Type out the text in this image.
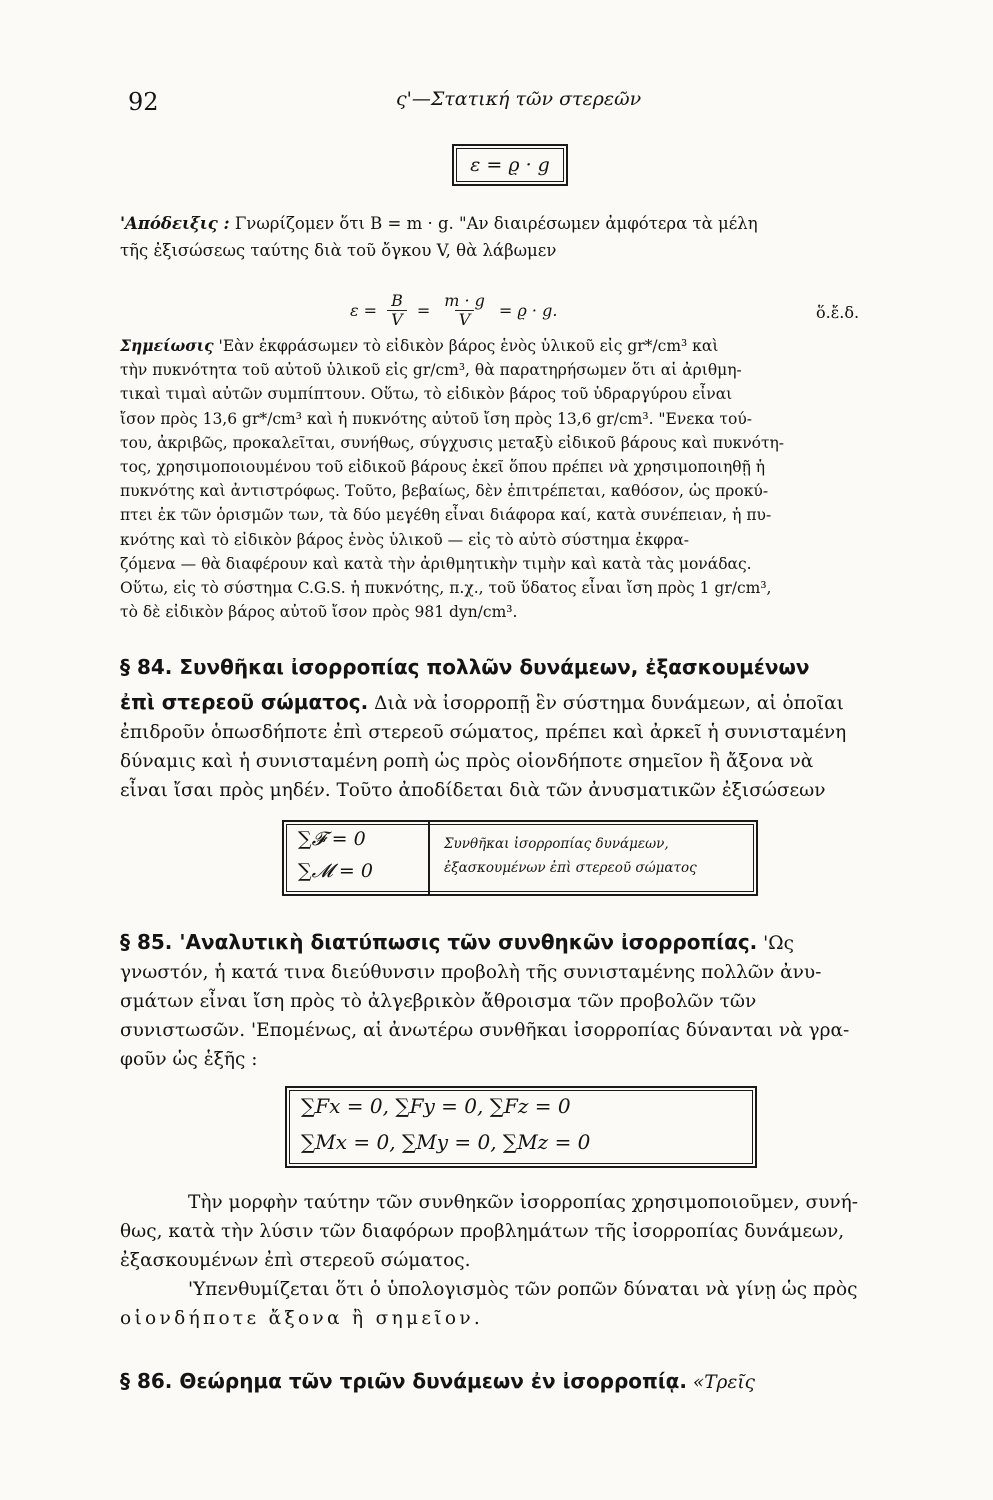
92	ς'—Στατική τῶν στερεῶν
ε = ϱ · g
'Απόδειξις : Γνωρίζομεν ὅτι B = m · g. "Αν διαιρέσωμεν ἀμφότερα τὰ μέλη
τῆς ἐξισώσεως ταύτης διὰ τοῦ ὄγκου V, θὰ λάβωμεν
$\varepsilon = \frac{B}{V} = \frac{m \cdot g}{V} = ϱ \cdot g$.	ὅ.ἔ.δ.
Σημείωσις 'Εὰν ἐκφράσωμεν τὸ εἰδικὸν βάρος ἑνὸς ὑλικοῦ εἰς gr*/cm³ καὶ
τὴν πυκνότητα τοῦ αὐτοῦ ὑλικοῦ εἰς gr/cm³, θὰ παρατηρήσωμεν ὅτι αἱ ἀριθμη-
τικαὶ τιμαὶ αὐτῶν συμπίπτουν. Οὕτω, τὸ εἰδικὸν βάρος τοῦ ὑδραργύρου εἶναι
ἴσον πρὸς 13,6 gr*/cm³ καὶ ἡ πυκνότης αὐτοῦ ἴση πρὸς 13,6 gr/cm³. "Ενεκα τού-
του, ἀκριβῶς, προκαλεῖται, συνήθως, σύγχυσις μεταξὺ εἰδικοῦ βάρους καὶ πυκνότη-
τος, χρησιμοποιουμένου τοῦ εἰδικοῦ βάρους ἐκεῖ ὅπου πρέπει νὰ χρησιμοποιηθῇ ἡ
πυκνότης καὶ ἀντιστρόφως. Τοῦτο, βεβαίως, δὲν ἐπιτρέπεται, καθόσον, ὡς προκύ-
πτει ἐκ τῶν ὁρισμῶν των, τὰ δύο μεγέθη εἶναι διάφορα καί, κατὰ συνέπειαν, ἡ πυ-
κνότης καὶ τὸ εἰδικὸν βάρος ἑνὸς ὑλικοῦ — εἰς τὸ αὐτὸ σύστημα ἐκφρα-
ζόμενα — θὰ διαφέρουν καὶ κατὰ τὴν ἀριθμητικὴν τιμὴν καὶ κατὰ τὰς μονάδας.
Οὕτω, εἰς τὸ σύστημα C.G.S. ἡ πυκνότης, π.χ., τοῦ ὕδατος εἶναι ἴση πρὸς 1 gr/cm³,
τὸ δὲ εἰδικὸν βάρος αὐτοῦ ἴσον πρὸς 981 dyn/cm³.
§ 84. Συνθῆκαι ἰσορροπίας πολλῶν δυνάμεων, ἐξασκουμένων
ἐπὶ στερεοῦ σώματος. Διὰ νὰ ἰσορροπῇ ἓν σύστημα δυνάμεων, αἱ ὁποῖαι
ἐπιδροῦν ὁπωσδήποτε ἐπὶ στερεοῦ σώματος, πρέπει καὶ ἀρκεῖ ἡ συνισταμένη
δύναμις καὶ ἡ συνισταμένη ροπὴ ὡς πρὸς οἱονδήποτε σημεῖον ἢ ἄξονα νὰ
εἶναι ἴσαι πρὸς μηδέν. Τοῦτο ἀποδίδεται διὰ τῶν ἀνυσματικῶν ἐξισώσεων
∑𝓕 = 0
∑𝓜 = 0
Συνθῆκαι ἰσορροπίας δυνάμεων,
ἐξασκουμένων ἐπὶ στερεοῦ σώματος
§ 85. 'Αναλυτικὴ διατύπωσις τῶν συνθηκῶν ἰσορροπίας. 'Ως
γνωστόν, ἡ κατά τινα διεύθυνσιν προβολὴ τῆς συνισταμένης πολλῶν ἀνυ-
σμάτων εἶναι ἴση πρὸς τὸ ἀλγεβρικὸν ἄθροισμα τῶν προβολῶν τῶν
συνιστωσῶν. 'Επομένως, αἱ ἀνωτέρω συνθῆκαι ἰσορροπίας δύνανται νὰ γρα-
φοῦν ὡς ἑξῆς :
∑Fx = 0, ∑Fy = 0, ∑Fz = 0
∑Mx = 0, ∑My = 0, ∑Mz = 0
Τὴν μορφὴν ταύτην τῶν συνθηκῶν ἰσορροπίας χρησιμοποιοῦμεν, συνή-
θως, κατὰ τὴν λύσιν τῶν διαφόρων προβλημάτων τῆς ἰσορροπίας δυνάμεων,
ἐξασκουμένων ἐπὶ στερεοῦ σώματος.
'Υπενθυμίζεται ὅτι ὁ ὑπολογισμὸς τῶν ροπῶν δύναται νὰ γίνῃ ὡς πρὸς
οἱονδήποτε ἄξονα ἢ σημεῖον.
§ 86. Θεώρημα τῶν τριῶν δυνάμεων ἐν ἰσορροπίᾳ. «Τρεῖς
